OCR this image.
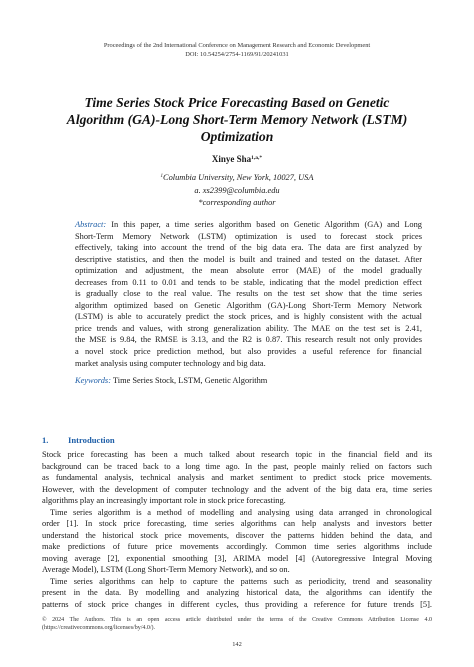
Proceedings of the 2nd International Conference on Management Research and Economic Development
DOI: 10.54254/2754-1169/91/20241031
Time Series Stock Price Forecasting Based on Genetic
Algorithm (GA)-Long Short-Term Memory Network (LSTM)
Optimization
Xinye Sha$^{1,a,*}$
$^1$Columbia University, New York, 10027, USA
a. xs2399@columbia.edu
*corresponding author
Abstract: In this paper, a time series algorithm based on Genetic Algorithm (GA) and Long
Short-Term Memory Network (LSTM) optimization is used to forecast stock prices
effectively, taking into account the trend of the big data era. The data are first analyzed by
descriptive statistics, and then the model is built and trained and tested on the dataset. After
optimization and adjustment, the mean absolute error (MAE) of the model gradually
decreases from 0.11 to 0.01 and tends to be stable, indicating that the model prediction effect
is gradually close to the real value. The results on the test set show that the time series
algorithm optimized based on Genetic Algorithm (GA)-Long Short-Term Memory Network
(LSTM) is able to accurately predict the stock prices, and is highly consistent with the actual
price trends and values, with strong generalization ability. The MAE on the test set is 2.41,
the MSE is 9.84, the RMSE is 3.13, and the R2 is 0.87. This research result not only provides
a novel stock price prediction method, but also provides a useful reference for financial
market analysis using computer technology and big data.
Keywords: Time Series Stock, LSTM, Genetic Algorithm
1. Introduction
Stock price forecasting has been a much talked about research topic in the financial field and its
background can be traced back to a long time ago. In the past, people mainly relied on factors such
as fundamental analysis, technical analysis and market sentiment to predict stock price movements.
However, with the development of computer technology and the advent of the big data era, time series
algorithms play an increasingly important role in stock price forecasting.
Time series algorithm is a method of modelling and analysing using data arranged in chronological
order [1]. In stock price forecasting, time series algorithms can help analysts and investors better
understand the historical stock price movements, discover the patterns hidden behind the data, and
make predictions of future price movements accordingly. Common time series algorithms include
moving average [2], exponential smoothing [3], ARIMA model [4] (Autoregressive Integral Moving
Average Model), LSTM (Long Short-Term Memory Network), and so on.
Time series algorithms can help to capture the patterns such as periodicity, trend and seasonality
present in the data. By modelling and analyzing historical data, the algorithms can identify the
patterns of stock price changes in different cycles, thus providing a reference for future trends [5].
© 2024 The Authors. This is an open access article distributed under the terms of the Creative Commons Attribution License 4.0
(https://creativecommons.org/licenses/by/4.0/).
142
